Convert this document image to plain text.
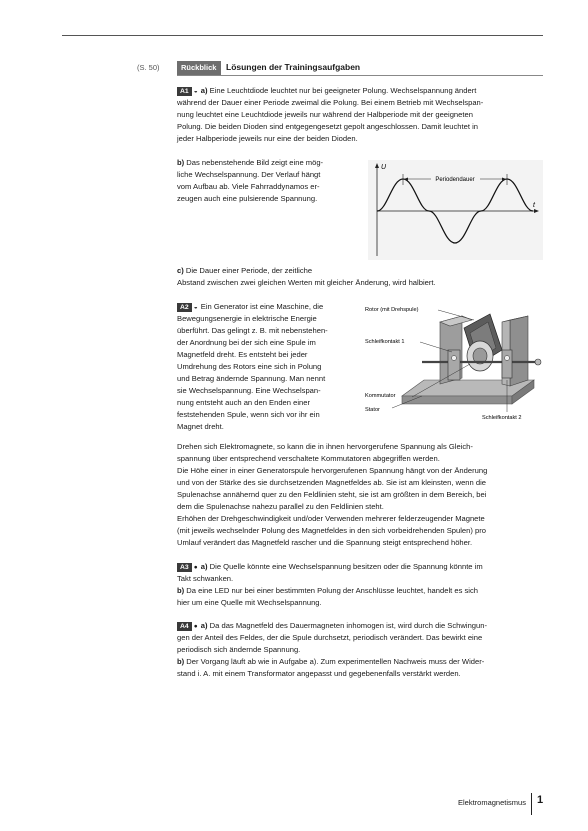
(S. 50)	Rückblick	Lösungen der Trainingsaufgaben
A1 ◒ a) Eine Leuchtdiode leuchtet nur bei geeigneter Polung. Wechselspannung ändert
während der Dauer einer Periode zweimal die Polung. Bei einem Betrieb mit Wechselspan-
nung leuchtet eine Leuchtdiode jeweils nur während der Halbperiode mit der geeigneten
Polung. Die beiden Dioden sind entgegengesetzt gepolt angeschlossen. Damit leuchtet in
jeder Halbperiode jeweils nur eine der beiden Dioden.
b) Das nebenstehende Bild zeigt eine mög-
liche Wechselspannung. Der Verlauf hängt
vom Aufbau ab. Viele Fahrraddynamos er-
zeugen auch eine pulsierende Spannung.
U
t
Periodendauer
c) Die Dauer einer Periode, der zeitliche
Abstand zwischen zwei gleichen Werten mit gleicher Änderung, wird halbiert.
A2 ◒ Ein Generator ist eine Maschine, die
Bewegungsenergie in elektrische Energie
überführt. Das gelingt z. B. mit nebenstehen-
der Anordnung bei der sich eine Spule im
Magnetfeld dreht. Es entsteht bei jeder
Umdrehung des Rotors eine sich in Polung
und Betrag ändernde Spannung. Man nennt
sie Wechselspannung. Eine Wechselspan-
nung entsteht auch an den Enden einer
feststehenden Spule, wenn sich vor ihr ein
Magnet dreht.
Rotor (mit Drehspule)
Schleifkontakt 1
Kommutator
Stator
Schleifkontakt 2
Drehen sich Elektromagnete, so kann die in ihnen hervorgerufene Spannung als Gleich-
spannung über entsprechend verschaltete Kommutatoren abgegriffen werden.
Die Höhe einer in einer Generatorspule hervorgerufenen Spannung hängt von der Änderung
und von der Stärke des sie durchsetzenden Magnetfeldes ab. Sie ist am kleinsten, wenn die
Spulenachse annähernd quer zu den Feldlinien steht, sie ist am größten in dem Bereich, bei
dem die Spulenachse nahezu parallel zu den Feldlinien steht.
Erhöhen der Drehgeschwindigkeit und/oder Verwenden mehrerer felderzeugender Magnete
(mit jeweils wechselnder Polung des Magnetfeldes in den sich vorbeidrehenden Spulen) pro
Umlauf verändert das Magnetfeld rascher und die Spannung steigt entsprechend höher.
A3 ● a) Die Quelle könnte eine Wechselspannung besitzen oder die Spannung könnte im
Takt schwanken.
b) Da eine LED nur bei einer bestimmten Polung der Anschlüsse leuchtet, handelt es sich
hier um eine Quelle mit Wechselspannung.
A4 ● a) Da das Magnetfeld des Dauermagneten inhomogen ist, wird durch die Schwingun-
gen der Anteil des Feldes, der die Spule durchsetzt, periodisch verändert. Das bewirkt eine
periodisch sich ändernde Spannung.
b) Der Vorgang läuft ab wie in Aufgabe a). Zum experimentellen Nachweis muss der Wider-
stand i. A. mit einem Transformator angepasst und gegebenenfalls verstärkt werden.
Elektromagnetismus 1
